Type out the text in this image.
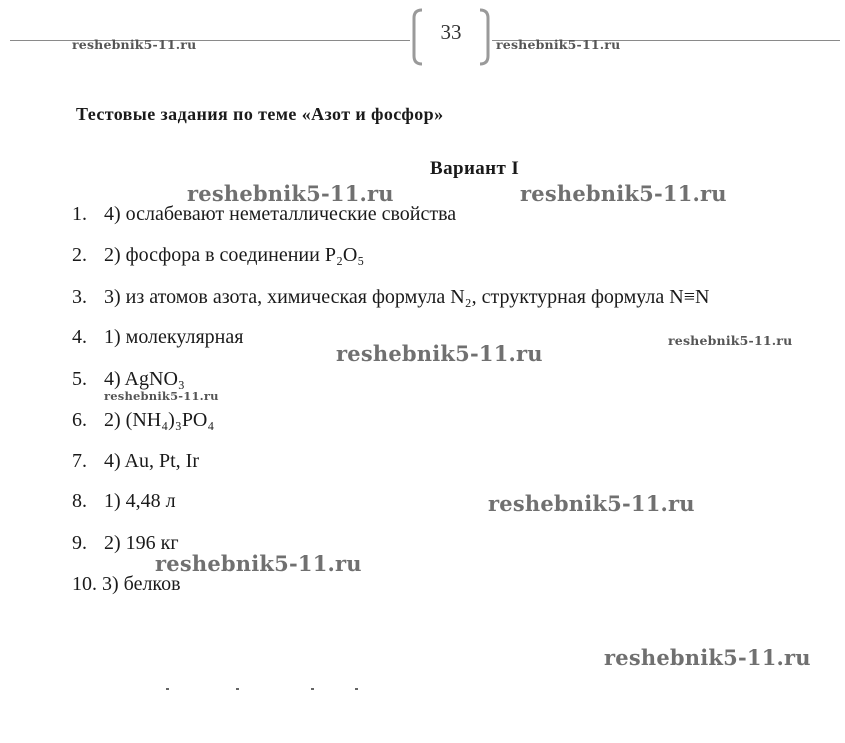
33
reshebnik5-11.ru	reshebnik5-11.ru
Тестовые задания по теме «Азот и фосфор»
Вариант I
reshebnik5-11.ru	reshebnik5-11.ru
reshebnik5-11.ru
reshebnik5-11.ru
reshebnik5-11.ru
reshebnik5-11.ru
reshebnik5-11.ru
reshebnik5-11.ru
1. 4) ослабевают неметаллические свойства
2. 2) фосфора в соединении P₂O₅
3. 3) из атомов азота, химическая формула N₂, структурная формула N≡N
4. 1) молекулярная
5. 4) AgNO₃
6. 2) (NH₄)₃PO₄
7. 4) Au, Pt, Ir
8. 1) 4,48 л
9. 2) 196 кг
10. 3) белков
